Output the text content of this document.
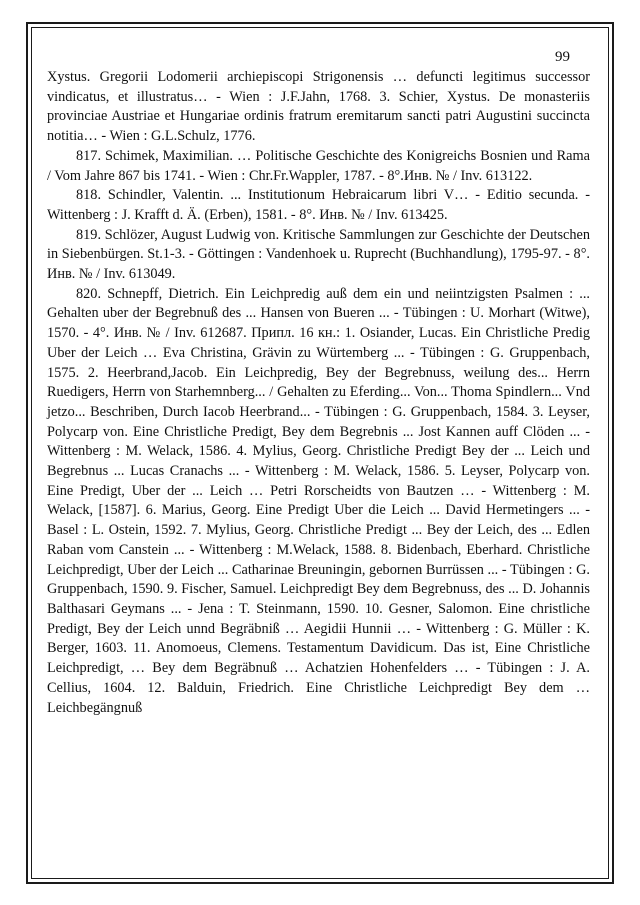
99

Xystus. Gregorii Lodomerii archiepiscopi Strigonensis … defuncti legitimus successor vindicatus, et illustratus… - Wien : J.F.Jahn, 1768. 3. Schier, Xystus. De monasteriis provinciae Austriae et Hungariae ordinis fratrum eremitarum sancti patri Augustini succincta notitia… - Wien : G.L.Schulz, 1776.

817. Schimek, Maximilian. … Politische Geschichte des Konigreichs Bosnien und Rama / Vom Jahre 867 bis 1741. - Wien : Chr.Fr.Wappler, 1787. - 8°.Инв. № / Inv. 613122.

818. Schindler, Valentin. ... Institutionum Hebraicarum libri V… - Editio secunda. - Wittenberg : J. Krafft d. Ä. (Erben), 1581. - 8°. Инв. № / Inv. 613425.

819. Schlözer, August Ludwig von. Kritische Sammlungen zur Geschichte der Deutschen in Siebenbürgen. St.1-3. - Göttingen : Vandenhoek u. Ruprecht (Buchhandlung), 1795-97. - 8°. Инв. № / Inv. 613049.

820. Schnepff, Dietrich. Ein Leichpredig auß dem ein und neiintzigsten Psalmen : ... Gehalten uber der Begrebnuß des ... Hansen von Bueren ... - Tübingen : U. Morhart (Witwe), 1570. - 4°. Инв. № / Inv. 612687. Припл. 16 кн.: 1. Osiander, Lucas. Ein Christliche Predig Uber der Leich … Eva Christina, Grävin zu Würtemberg ... - Tübingen : G. Gruppenbach, 1575. 2. Heerbrand,Jacob. Ein Leichpredig, Bey der Begrebnuss, weilung des... Herrn Ruedigers, Herrn von Starhemnberg... / Gehalten zu Eferding... Von... Thoma Spindlern... Vnd jetzo... Beschriben, Durch Iacob Heerbrand... - Tübingen : G. Gruppenbach, 1584. 3. Leyser, Polycarp von. Eine Christliche Predigt, Bey dem Begrebnis ... Jost Kannen auff Clöden ... - Wittenberg : M. Welack, 1586. 4. Mylius, Georg. Christliche Predigt Bey der ... Leich und Begrebnus ... Lucas Cranachs ... - Wittenberg : M. Welack, 1586. 5. Leyser, Polycarp von. Eine Predigt, Uber der ... Leich … Petri Rorscheidts von Bautzen … - Wittenberg : M. Welack, [1587]. 6. Marius, Georg. Eine Predigt Uber die Leich ... David Hermetingers ... - Basel : L. Ostein, 1592. 7. Mylius, Georg. Christliche Predigt ... Bey der Leich, des ... Edlen Raban vom Canstein ... - Wittenberg : M.Welack, 1588. 8. Bidenbach, Eberhard. Christliche Leichpredigt, Uber der Leich ... Catharinae Breuningin, gebornen Burrüssen ... - Tübingen : G. Gruppenbach, 1590. 9. Fischer, Samuel. Leichpredigt Bey dem Begrebnuss, des ... D. Johannis Balthasari Geymans ... - Jena : T. Steinmann, 1590. 10. Gesner, Salomon. Eine christliche Predigt, Bey der Leich unnd Begräbniß … Aegidii Hunnii … - Wittenberg : G. Müller : K. Berger, 1603. 11. Anomoeus, Clemens. Testamentum Davidicum. Das ist, Eine Christliche Leichpredigt, … Bey dem Begräbnuß … Achatzien Hohenfelders … - Tübingen : J. A. Cellius, 1604. 12. Balduin, Friedrich. Eine Christliche Leichpredigt Bey dem … Leichbegängnuß
